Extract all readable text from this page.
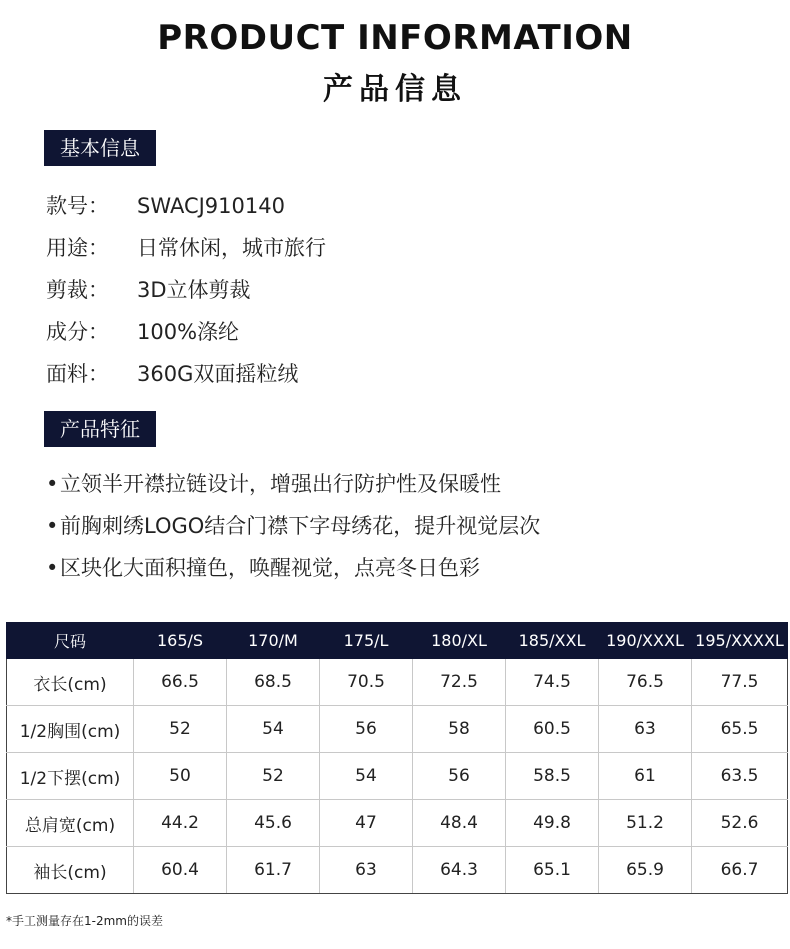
PRODUCT INFORMATION
产品信息
基本信息
款号： SWACJ910140
用途： 日常休闲，城市旅行
剪裁： 3D立体剪裁
成分： 100%涤纶
面料： 360G双面摇粒绒
产品特征
•立领半开襟拉链设计，增强出行防护性及保暖性
•前胸刺绣LOGO结合门襟下字母绣花，提升视觉层次
•区块化大面积撞色，唤醒视觉，点亮冬日色彩
尺码	165/S	170/M	175/L	180/XL	185/XXL	190/XXXL	195/XXXXL
衣长(cm)	66.5	68.5	70.5	72.5	74.5	76.5	77.5
1/2胸围(cm)	52	54	56	58	60.5	63	65.5
1/2下摆(cm)	50	52	54	56	58.5	61	63.5
总肩宽(cm)	44.2	45.6	47	48.4	49.8	51.2	52.6
袖长(cm)	60.4	61.7	63	64.3	65.1	65.9	66.7
*手工测量存在1-2mm的误差
